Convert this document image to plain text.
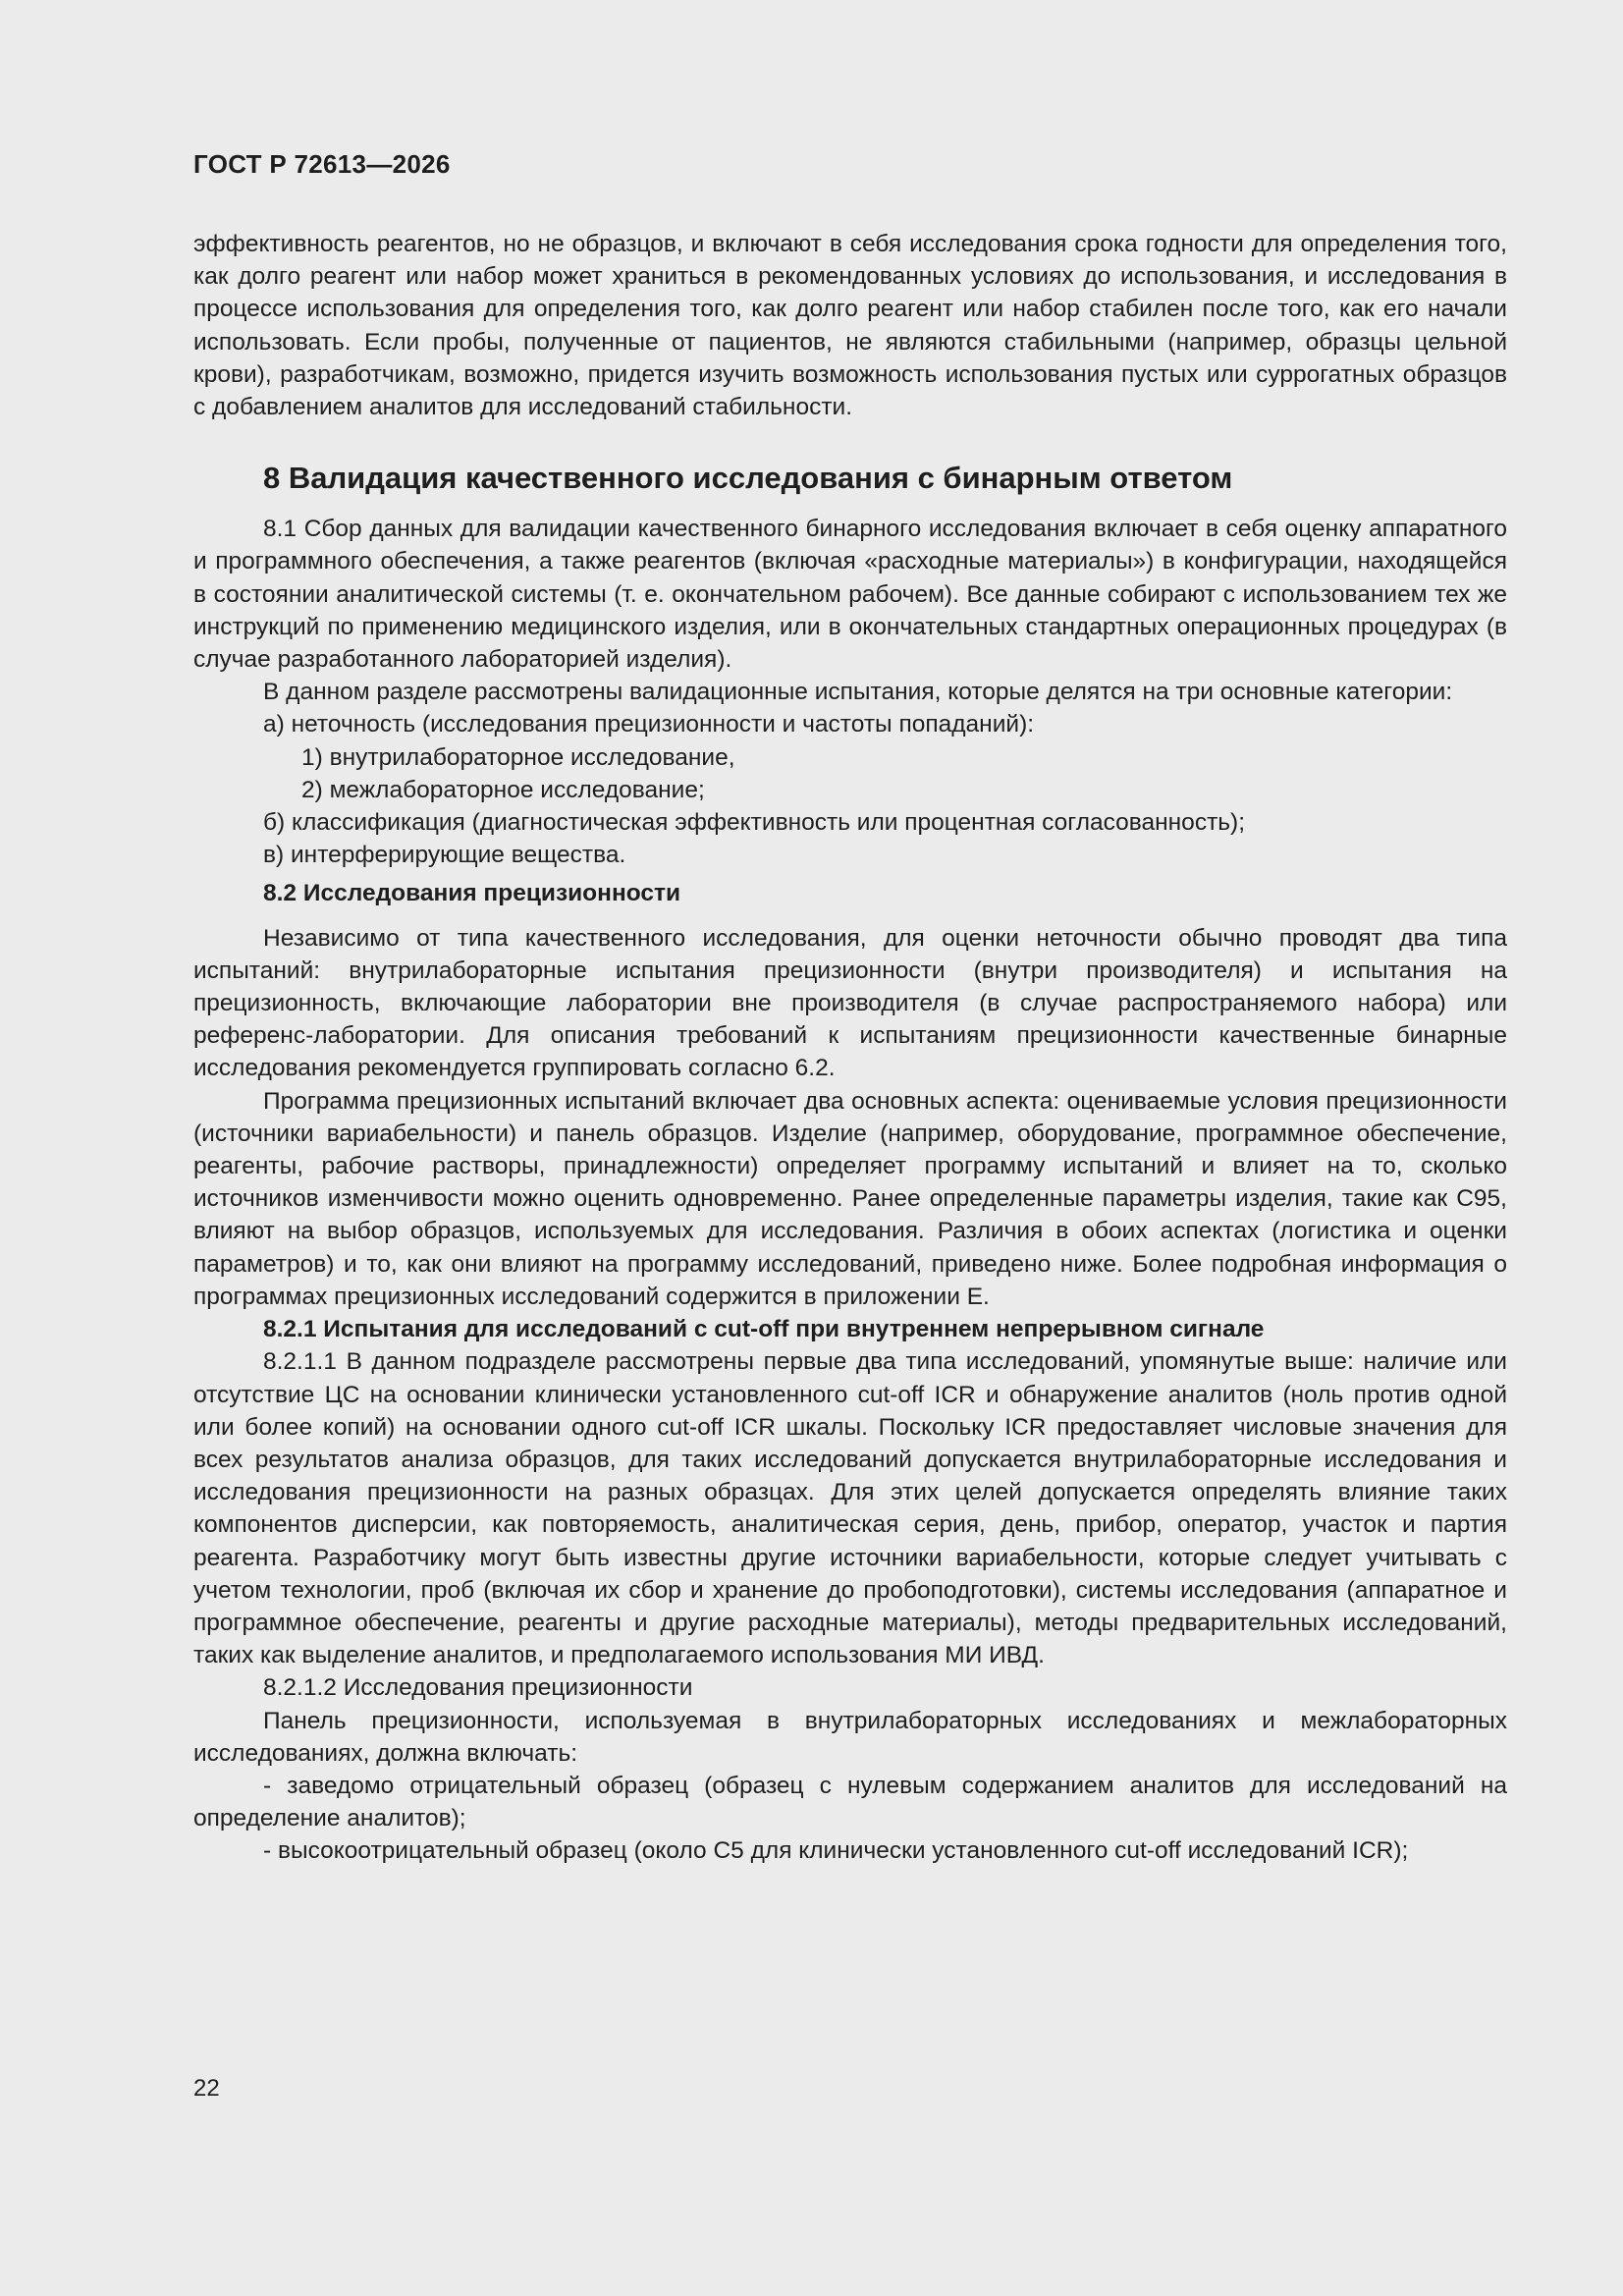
ГОСТ Р 72613—2026

эффективность реагентов, но не образцов, и включают в себя исследования срока годности для определения того, как долго реагент или набор может храниться в рекомендованных условиях до использования, и исследования в процессе использования для определения того, как долго реагент или набор стабилен после того, как его начали использовать. Если пробы, полученные от пациентов, не являются стабильными (например, образцы цельной крови), разработчикам, возможно, придется изучить возможность использования пустых или суррогатных образцов с добавлением аналитов для исследований стабильности.

8 Валидация качественного исследования с бинарным ответом

8.1 Сбор данных для валидации качественного бинарного исследования включает в себя оценку аппаратного и программного обеспечения, а также реагентов (включая «расходные материалы») в конфигурации, находящейся в состоянии аналитической системы (т. е. окончательном рабочем). Все данные собирают с использованием тех же инструкций по применению медицинского изделия, или в окончательных стандартных операционных процедурах (в случае разработанного лабораторией изделия).

В данном разделе рассмотрены валидационные испытания, которые делятся на три основные категории:

а) неточность (исследования прецизионности и частоты попаданий):
1) внутрилабораторное исследование,
2) межлабораторное исследование;
б) классификация (диагностическая эффективность или процентная согласованность);
в) интерферирующие вещества.
8.2 Исследования прецизионности

Независимо от типа качественного исследования, для оценки неточности обычно проводят два типа испытаний: внутрилабораторные испытания прецизионности (внутри производителя) и испытания на прецизионность, включающие лаборатории вне производителя (в случае распространяемого набора) или референс-лаборатории. Для описания требований к испытаниям прецизионности качественные бинарные исследования рекомендуется группировать согласно 6.2.

Программа прецизионных испытаний включает два основных аспекта: оцениваемые условия прецизионности (источники вариабельности) и панель образцов. Изделие (например, оборудование, программное обеспечение, реагенты, рабочие растворы, принадлежности) определяет программу испытаний и влияет на то, сколько источников изменчивости можно оценить одновременно. Ранее определенные параметры изделия, такие как C95, влияют на выбор образцов, используемых для исследования. Различия в обоих аспектах (логистика и оценки параметров) и то, как они влияют на программу исследований, приведено ниже. Более подробная информация о программах прецизионных исследований содержится в приложении Е.

8.2.1 Испытания для исследований с cut-off при внутреннем непрерывном сигнале

8.2.1.1 В данном подразделе рассмотрены первые два типа исследований, упомянутые выше: наличие или отсутствие ЦС на основании клинически установленного cut-off ICR и обнаружение аналитов (ноль против одной или более копий) на основании одного cut-off ICR шкалы. Поскольку ICR предоставляет числовые значения для всех результатов анализа образцов, для таких исследований допускается внутрилабораторные исследования и исследования прецизионности на разных образцах. Для этих целей допускается определять влияние таких компонентов дисперсии, как повторяемость, аналитическая серия, день, прибор, оператор, участок и партия реагента. Разработчику могут быть известны другие источники вариабельности, которые следует учитывать с учетом технологии, проб (включая их сбор и хранение до пробоподготовки), системы исследования (аппаратное и программное обеспечение, реагенты и другие расходные материалы), методы предварительных исследований, таких как выделение аналитов, и предполагаемого использования МИ ИВД.

8.2.1.2 Исследования прецизионности

Панель прецизионности, используемая в внутрилабораторных исследованиях и межлабораторных исследованиях, должна включать:

- заведомо отрицательный образец (образец с нулевым содержанием аналитов для исследований на определение аналитов);

- высокоотрицательный образец (около C5 для клинически установленного cut-off исследований ICR);

22
